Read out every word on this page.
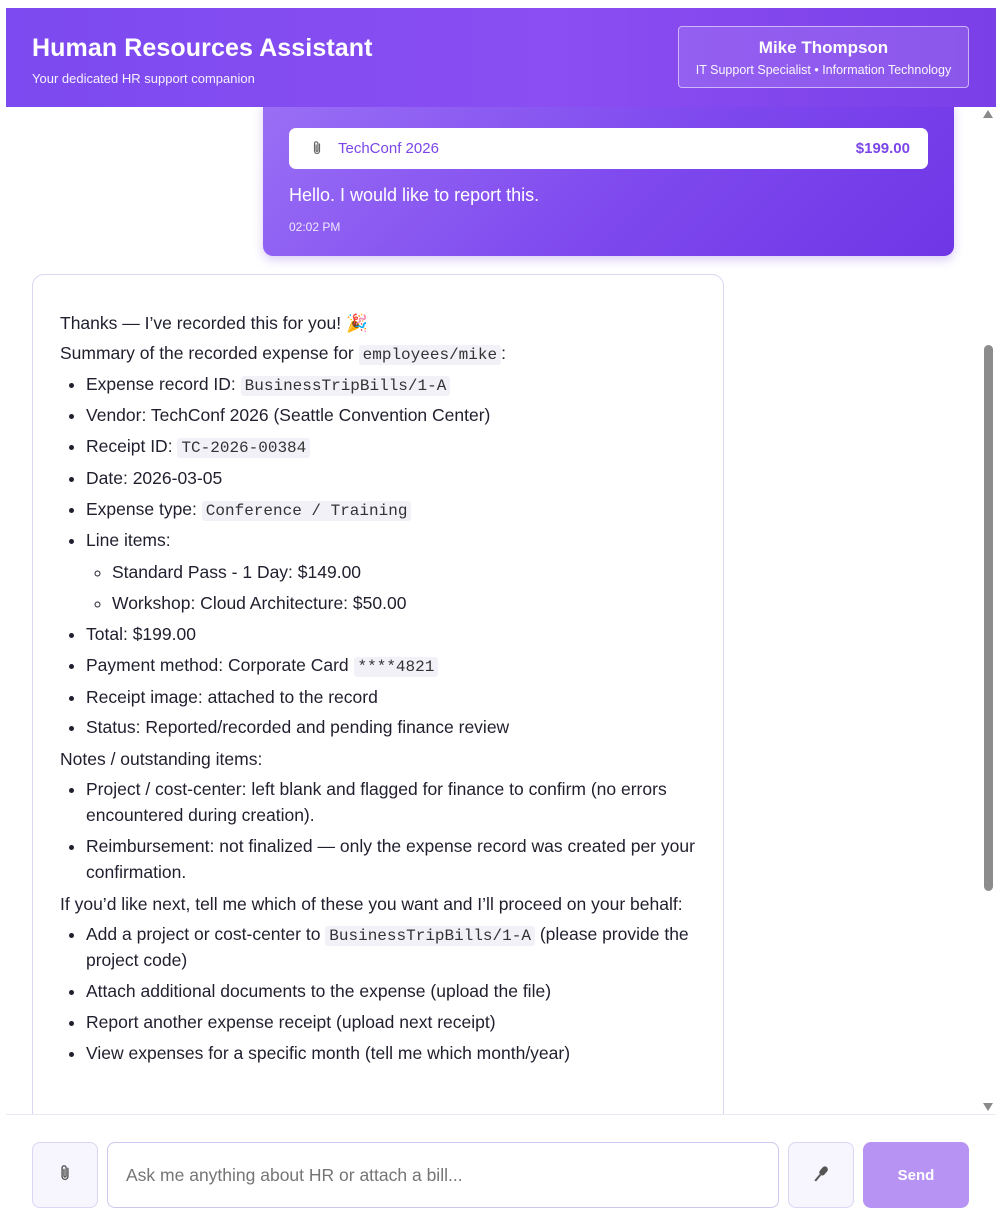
Human Resources Assistant
Your dedicated HR support companion
Mike Thompson
IT Support Specialist • Information Technology
TechConf 2026	$199.00
Hello. I would like to report this.
02:02 PM

Thanks — I’ve recorded this for you! 🎉

Summary of the recorded expense for employees/mike :

• Expense record ID: BusinessTripBills/1-A
• Vendor: TechConf 2026 (Seattle Convention Center)
• Receipt ID: TC-2026-00384
• Date: 2026-03-05
• Expense type: Conference / Training
• Line items:
◦ Standard Pass - 1 Day: $149.00
◦ Workshop: Cloud Architecture: $50.00
• Total: $199.00
• Payment method: Corporate Card ****4821
• Receipt image: attached to the record
• Status: Reported/recorded and pending finance review

Notes / outstanding items:

• Project / cost-center: left blank and flagged for finance to confirm (no errors encountered during creation).
• Reimbursement: not finalized — only the expense record was created per your confirmation.

If you’d like next, tell me which of these you want and I’ll proceed on your behalf:

• Add a project or cost-center to BusinessTripBills/1-A (please provide the project code)
• Attach additional documents to the expense (upload the file)
• Report another expense receipt (upload next receipt)
• View expenses for a specific month (tell me which month/year)
Ask me anything about HR or attach a bill...
Send
